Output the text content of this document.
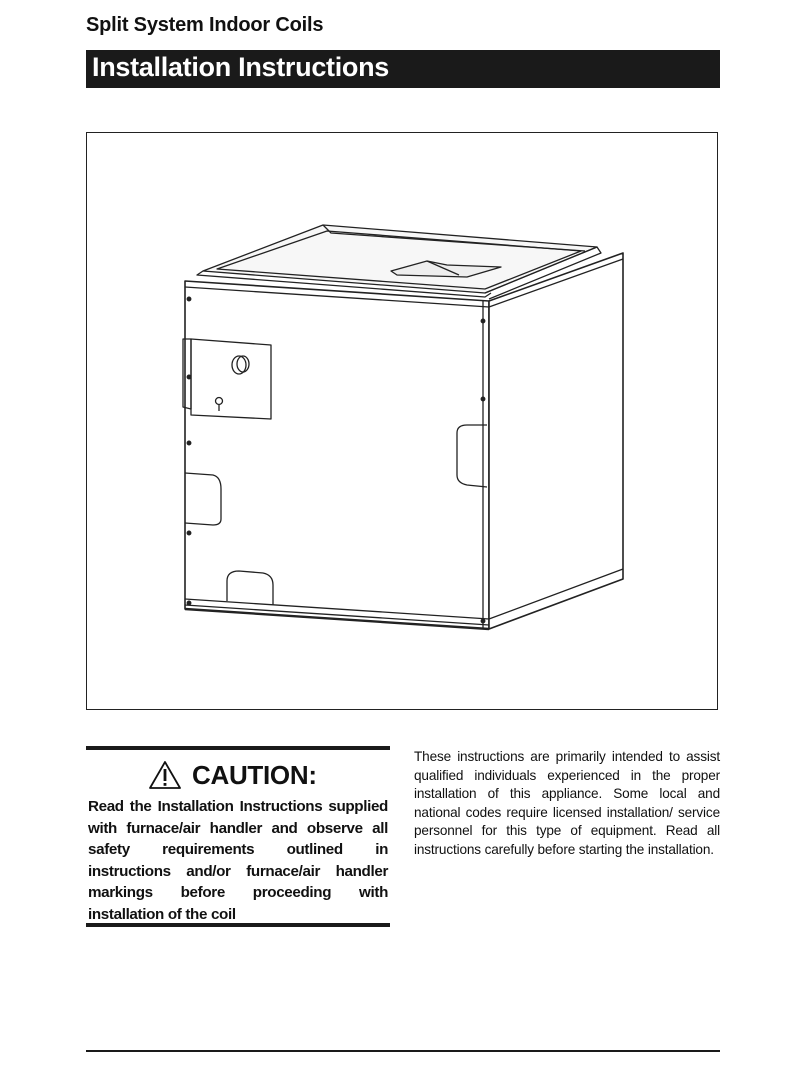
Split System Indoor Coils
Installation Instructions
CAUTION:
Read the Installation Instructions supplied with furnace/air handler and observe all safety requirements outlined in instructions and/or furnace/air handler markings before proceeding with installation of the coil
These instructions are primarily intended to assist qualified individuals experienced in the proper installation of this appliance. Some local and national codes require licensed installation/ service personnel for this type of equipment. Read all instructions carefully before starting the installation.
